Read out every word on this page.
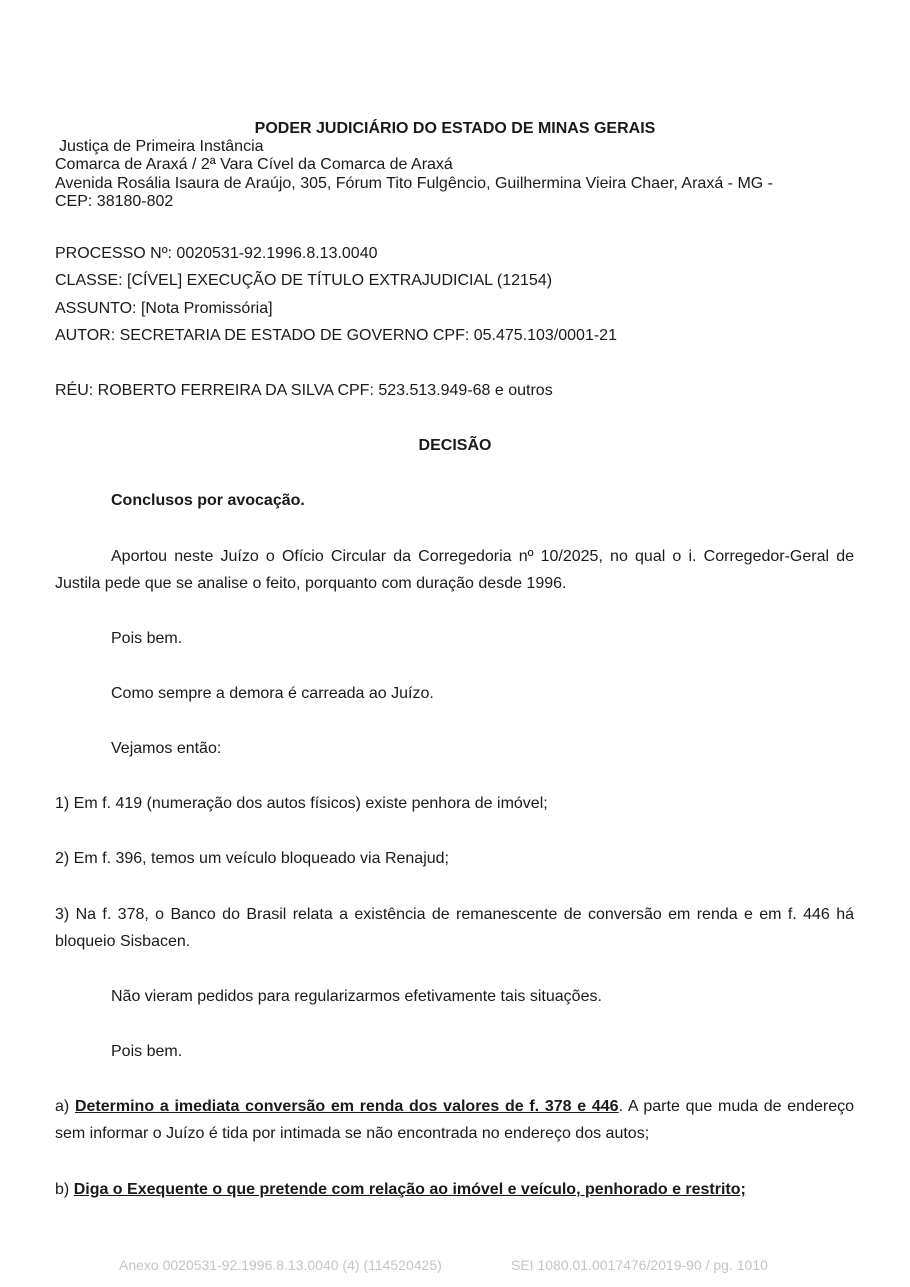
PODER JUDICIÁRIO DO ESTADO DE MINAS GERAIS
Justiça de Primeira Instância
Comarca de Araxá / 2ª Vara Cível da Comarca de Araxá
Avenida Rosália Isaura de Araújo, 305, Fórum Tito Fulgêncio, Guilhermina Vieira Chaer, Araxá - MG -
CEP: 38180-802
PROCESSO Nº: 0020531-92.1996.8.13.0040
CLASSE: [CÍVEL] EXECUÇÃO DE TÍTULO EXTRAJUDICIAL (12154)
ASSUNTO: [Nota Promissória]
AUTOR: SECRETARIA DE ESTADO DE GOVERNO CPF: 05.475.103/0001-21
RÉU: ROBERTO FERREIRA DA SILVA CPF: 523.513.949-68 e outros
DECISÃO
Conclusos por avocação.
Aportou neste Juízo o Ofício Circular da Corregedoria nº 10/2025, no qual o i. Corregedor-Geral de Justila pede que se analise o feito, porquanto com duração desde 1996.
Pois bem.
Como sempre a demora é carreada ao Juízo.
Vejamos então:
1) Em f. 419 (numeração dos autos físicos) existe penhora de imóvel;
2) Em f. 396, temos um veículo bloqueado via Renajud;
3) Na f. 378, o Banco do Brasil relata a existência de remanescente de conversão em renda e em f. 446 há bloqueio Sisbacen.
Não vieram pedidos para regularizarmos efetivamente tais situações.
Pois bem.
a) Determino a imediata conversão em renda dos valores de f. 378 e 446. A parte que muda de endereço sem informar o Juízo é tida por intimada se não encontrada no endereço dos autos;
b) Diga o Exequente o que pretende com relação ao imóvel e veículo, penhorado e restrito;
Anexo 0020531-92.1996.8.13.0040 (4) (114520425)	SEI 1080.01.0017476/2019-90 / pg. 1010
